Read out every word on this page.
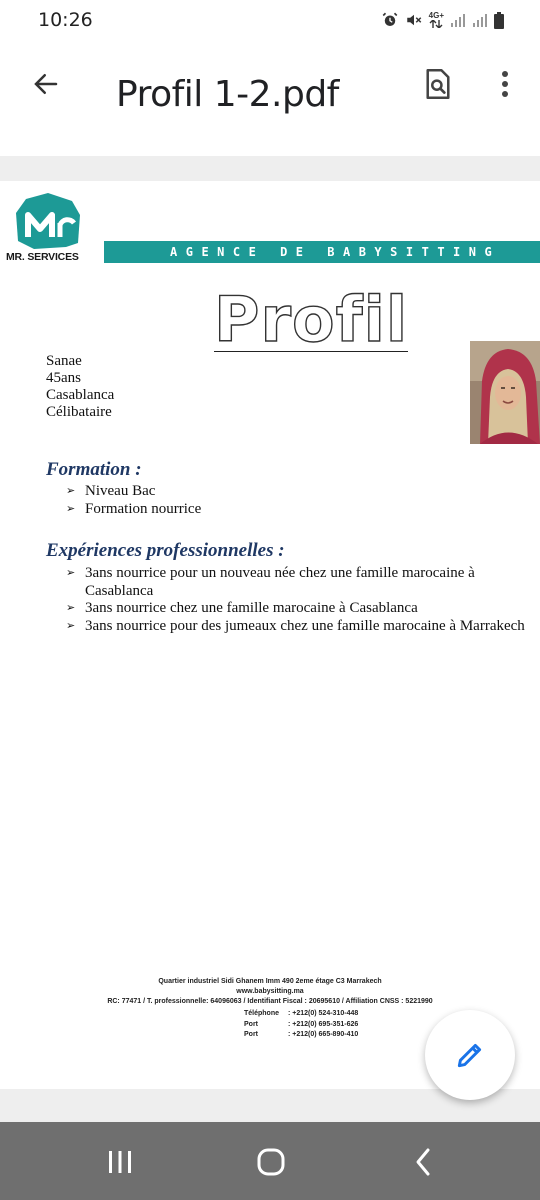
10:26	4G+
Profil 1-2.pdf
MR. SERVICES	AGENCE DE BABYSITTING
Profil
Sanae
45ans
Casablanca
Célibataire
Formation :
➢ Niveau Bac
➢ Formation nourrice
Expériences professionnelles :
➢ 3ans nourrice pour un nouveau née chez une famille marocaine à Casablanca
➢ 3ans nourrice chez une famille marocaine à Casablanca
➢ 3ans nourrice pour des jumeaux chez une famille marocaine à Marrakech
Quartier industriel Sidi Ghanem Imm 490 2eme étage C3 Marrakech
www.babysitting.ma
RC: 77471 / T. professionnelle: 64096063 / Identifiant Fiscal : 20695610 / Affiliation CNSS : 5221990
Téléphone	: +212(0) 524-310-448
Port	: +212(0) 695-351-626
Port	: +212(0) 665-890-410
